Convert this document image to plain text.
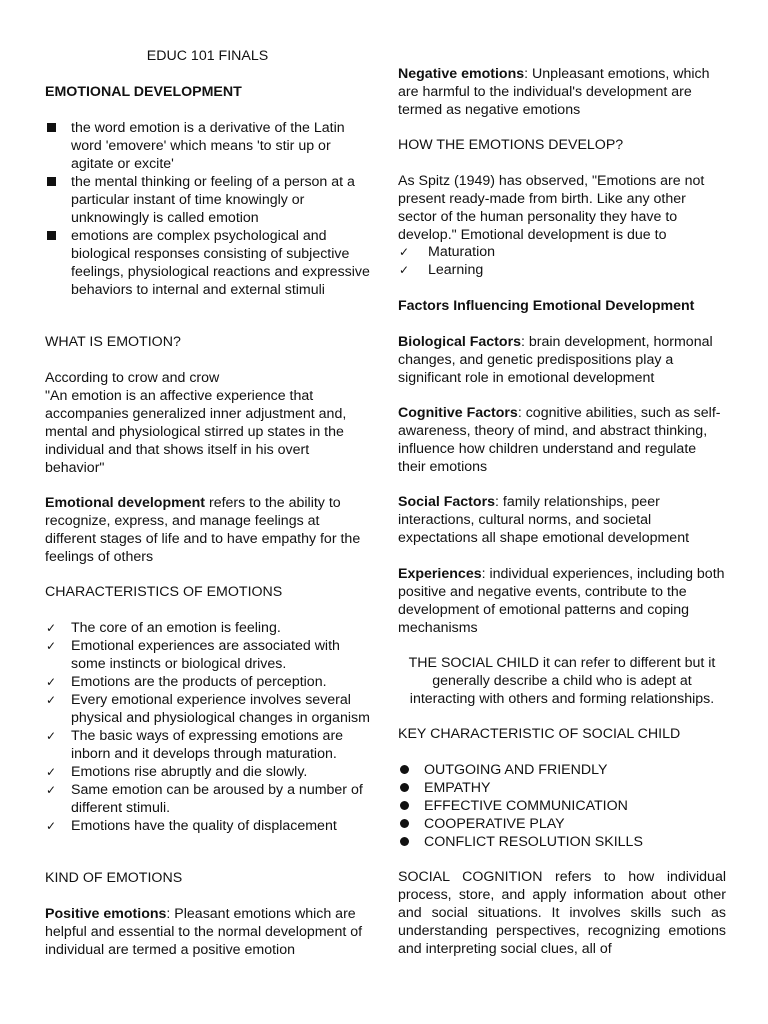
EDUC 101 FINALS
EMOTIONAL DEVELOPMENT
the word emotion is a derivative of the Latin word 'emovere' which means 'to stir up or agitate or excite'
the mental thinking or feeling of a person at a particular instant of time knowingly or unknowingly is called emotion
emotions are complex psychological and biological responses consisting of subjective feelings, physiological reactions and expressive behaviors to internal and external stimuli
WHAT IS EMOTION?
According to crow and crow
"An emotion is an affective experience that accompanies generalized inner adjustment and, mental and physiological stirred up states in the individual and that shows itself in his overt behavior"
Emotional development refers to the ability to recognize, express, and manage feelings at different stages of life and to have empathy for the feelings of others
CHARACTERISTICS OF EMOTIONS
✓ The core of an emotion is feeling.
✓ Emotional experiences are associated with some instincts or biological drives.
✓ Emotions are the products of perception.
✓ Every emotional experience involves several physical and physiological changes in organism
✓ The basic ways of expressing emotions are inborn and it develops through maturation.
✓ Emotions rise abruptly and die slowly.
✓ Same emotion can be aroused by a number of different stimuli.
✓ Emotions have the quality of displacement
KIND OF EMOTIONS
Positive emotions: Pleasant emotions which are helpful and essential to the normal development of individual are termed a positive emotion
Negative emotions: Unpleasant emotions, which are harmful to the individual's development are termed as negative emotions
HOW THE EMOTIONS DEVELOP?
As Spitz (1949) has observed, "Emotions are not present ready-made from birth. Like any other sector of the human personality they have to develop." Emotional development is due to
✓ Maturation
✓ Learning
Factors Influencing Emotional Development
Biological Factors: brain development, hormonal changes, and genetic predispositions play a significant role in emotional development
Cognitive Factors: cognitive abilities, such as self-awareness, theory of mind, and abstract thinking, influence how children understand and regulate their emotions
Social Factors: family relationships, peer interactions, cultural norms, and societal expectations all shape emotional development
Experiences: individual experiences, including both positive and negative events, contribute to the development of emotional patterns and coping mechanisms
THE SOCIAL CHILD it can refer to different but it generally describe a child who is adept at interacting with others and forming relationships.
KEY CHARACTERISTIC OF SOCIAL CHILD
OUTGOING AND FRIENDLY
EMPATHY
EFFECTIVE COMMUNICATION
COOPERATIVE PLAY
CONFLICT RESOLUTION SKILLS
SOCIAL COGNITION refers to how individual process, store, and apply information about other and social situations. It involves skills such as understanding perspectives, recognizing emotions and interpreting social clues, all of
